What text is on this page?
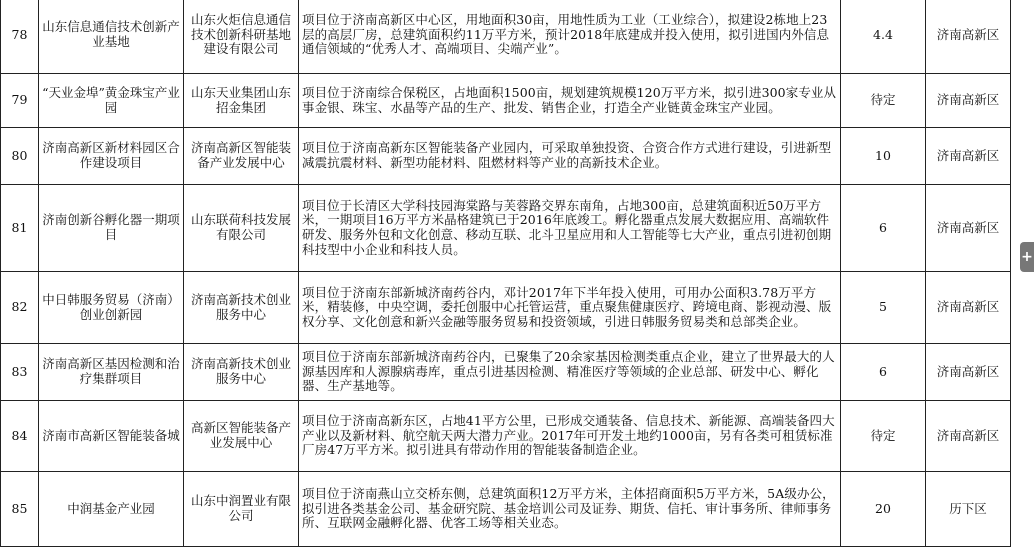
78	山东信息通信技术创新产业基地	山东火炬信息通信技术创新科研基地建设有限公司	项目位于济南高新区中心区，用地面积30亩，用地性质为工业（工业综合），拟建设2栋地上23层的高层厂房，总建筑面积约11万平方米，预计2018年底建成并投入使用，拟引进国内外信息通信领域的“优秀人才、高端项目、尖端产业”。	4.4	济南高新区
79	“天业金埠”黄金珠宝产业园	山东天业集团山东招金集团	项目位于济南综合保税区，占地面积1500亩，规划建筑规模120万平方米，拟引进300家专业从事金银、珠宝、水晶等产品的生产、批发、销售企业，打造全产业链黄金珠宝产业园。	待定	济南高新区
80	济南高新区新材料园区合作建设项目	济南高新区智能装备产业发展中心	项目位于济南高新东区智能装备产业园内，可采取单独投资、合资合作方式进行建设，引进新型减震抗震材料、新型功能材料、阻燃材料等产业的高新技术企业。	10	济南高新区
81	济南创新谷孵化器一期项目	山东联荷科技发展有限公司	项目位于长清区大学科技园海棠路与芙蓉路交界东南角，占地300亩，总建筑面积近50万平方米，一期项目16万平方米晶格建筑已于2016年底竣工。孵化器重点发展大数据应用、高端软件研发、服务外包和文化创意、移动互联、北斗卫星应用和人工智能等七大产业，重点引进初创期科技型中小企业和科技人员。	6	济南高新区
82	中日韩服务贸易（济南）创业创新园	济南高新技术创业服务中心	项目位于济南东部新城济南药谷内，邓计2017年下半年投入使用，可用办公面积3.78万平方米，精装修，中央空调，委托创服中心托管运营，重点聚焦健康医疗、跨境电商、影视动漫、版权分享、文化创意和新兴金融等服务贸易和投资领域，引进日韩服务贸易类和总部类企业。	5	济南高新区
83	济南高新区基因检测和治疗集群项目	济南高新技术创业服务中心	项目位于济南东部新城济南药谷内，已聚集了20余家基因检测类重点企业，建立了世界最大的人源基因库和人源腺病毒库，重点引进基因检测、精准医疗等领域的企业总部、研发中心、孵化器、生产基地等。	6	济南高新区
84	济南市高新区智能装备城	高新区智能装备产业发展中心	项目位于济南高新东区，占地41平方公里，已形成交通装备、信息技术、新能源、高端装备四大产业以及新材料、航空航天两大潜力产业。2017年可开发土地约1000亩，另有各类可租赁标准厂房47万平方米。拟引进具有带动作用的智能装备制造企业。	待定	济南高新区
85	中润基金产业园	山东中润置业有限公司	项目位于济南燕山立交桥东侧，总建筑面积12万平方米，主体招商面积5万平方米，5A级办公，拟引进各类基金公司、基金研究院、基金培训公司及证券、期货、信托、审计事务所、律师事务所、互联网金融孵化器、优客工场等相关业态。	20	历下区
+
